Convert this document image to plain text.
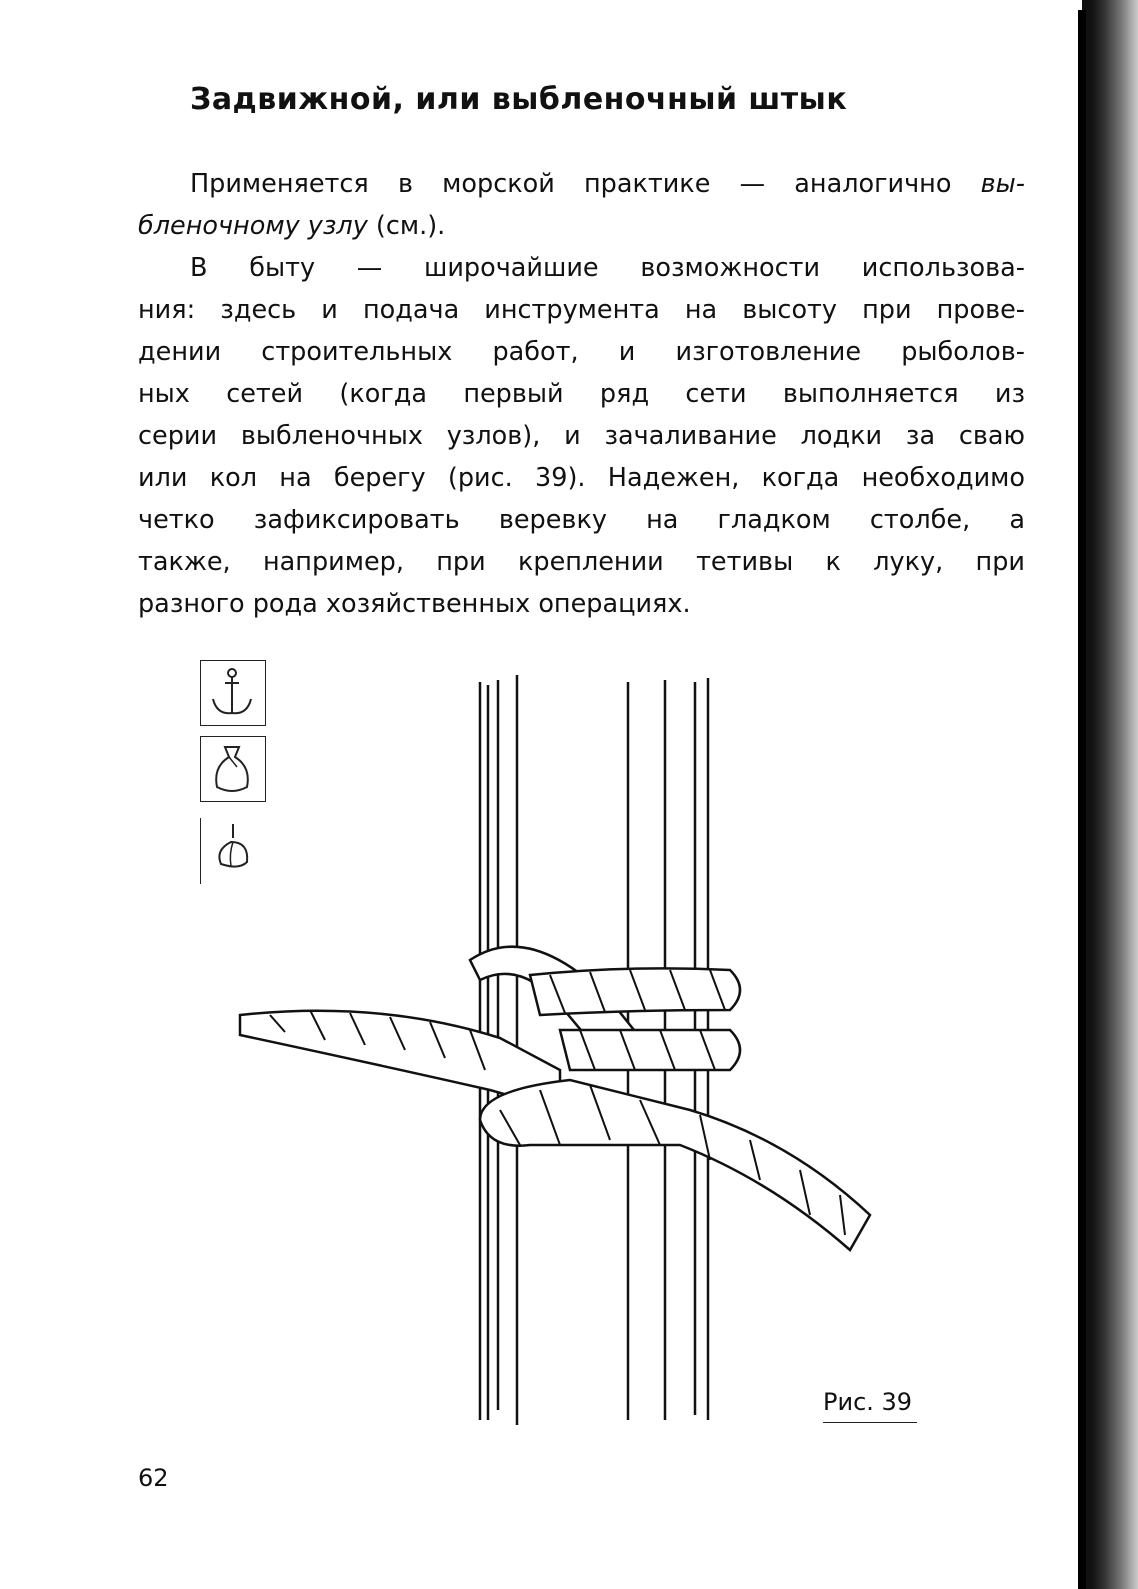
Задвижной, или выбленочный штык
Применяется в морской практике — аналогично вы-
бленочному узлу (см.).
В быту — широчайшие возможности использова-
ния: здесь и подача инструмента на высоту при прове-
дении строительных работ, и изготовление рыболов-
ных сетей (когда первый ряд сети выполняется из
серии выбленочных узлов), и зачаливание лодки за сваю
или кол на берегу (рис. 39). Надежен, когда необходимо
четко зафиксировать веревку на гладком столбе, а
также, например, при креплении тетивы к луку, при
разного рода хозяйственных операциях.
Рис. 39
62
